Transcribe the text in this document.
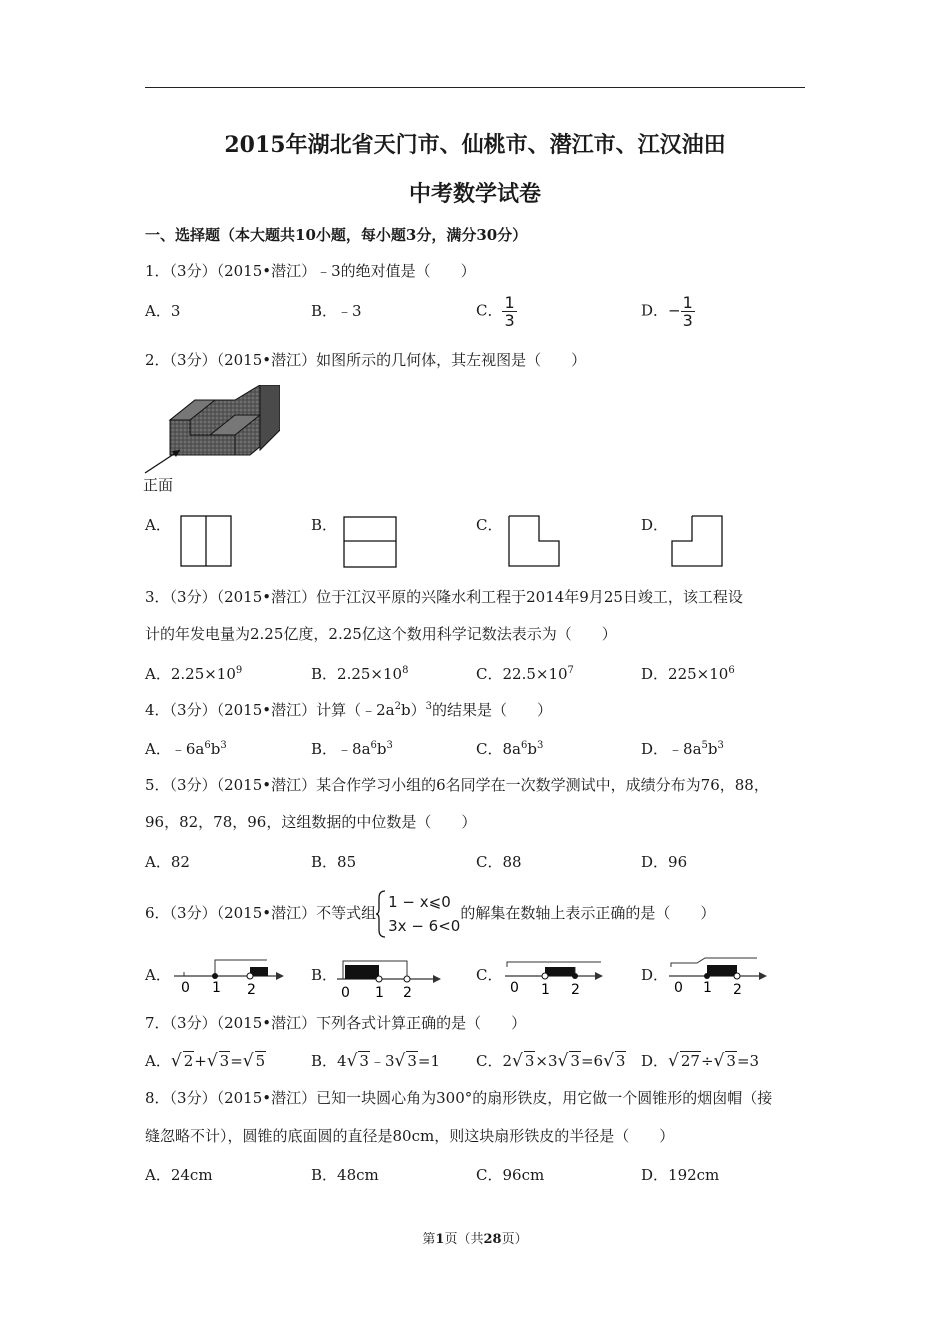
2015年湖北省天门市、仙桃市、潜江市、江汉油田
中考数学试卷
一、选择题（本大题共10小题，每小题3分，满分30分）
1．（3分）（2015•潜江）﹣3的绝对值是（　　）
A．3	B．﹣3	C． $\frac{1}{3}$	D．− $\frac{1}{3}$
2．（3分）（2015•潜江）如图所示的几何体，其左视图是（　　）
正面
A．	B．	C．	D．
3．（3分）（2015•潜江）位于江汉平原的兴隆水利工程于2014年9月25日竣工，该工程设
计的年发电量为2.25亿度，2.25亿这个数用科学记数法表示为（　　）
A．$2.25\times 10^9$	B．$2.25\times 10^8$	C．$22.5\times 10^7$	D．$225\times 10^6$
4．（3分）（2015•潜江）计算$(﹣2a^2b)^3$的结果是（　　）
A．$﹣6a^6b^3$	B．$﹣8a^6b^3$	C．$8a^6b^3$	D．$﹣8a^5b^3$
5．（3分）（2015•潜江）某合作学习小组的6名同学在一次数学测试中，成绩分布为76，88，
96，82，78，96，这组数据的中位数是（　　）
A．82	B．85	C．88	D．96
6．（3分）（2015•潜江）不等式组
1 − x⩽0
3x − 6<0
的解集在数轴上表示正确的是（　　）
A．
0 1 2
B．
0 1 2
C．
0 1 2
D．
0 1 2
7．（3分）（2015•潜江）下列各式计算正确的是（　　）
A．√ 2+√ 3=√ 5	B．4√ 3﹣3√ 3=1 C．2√ 3×3√ 3=6√ 3 D．√ 27÷√ 3=3
8．（3分）（2015•潜江）已知一块圆心角为300°的扇形铁皮，用它做一个圆锥形的烟囱帽（接
缝忽略不计），圆锥的底面圆的直径是80cm，则这块扇形铁皮的半径是（　　）
A．24cm	B．48cm	C．96cm	D．192cm
第1页（共28页）
